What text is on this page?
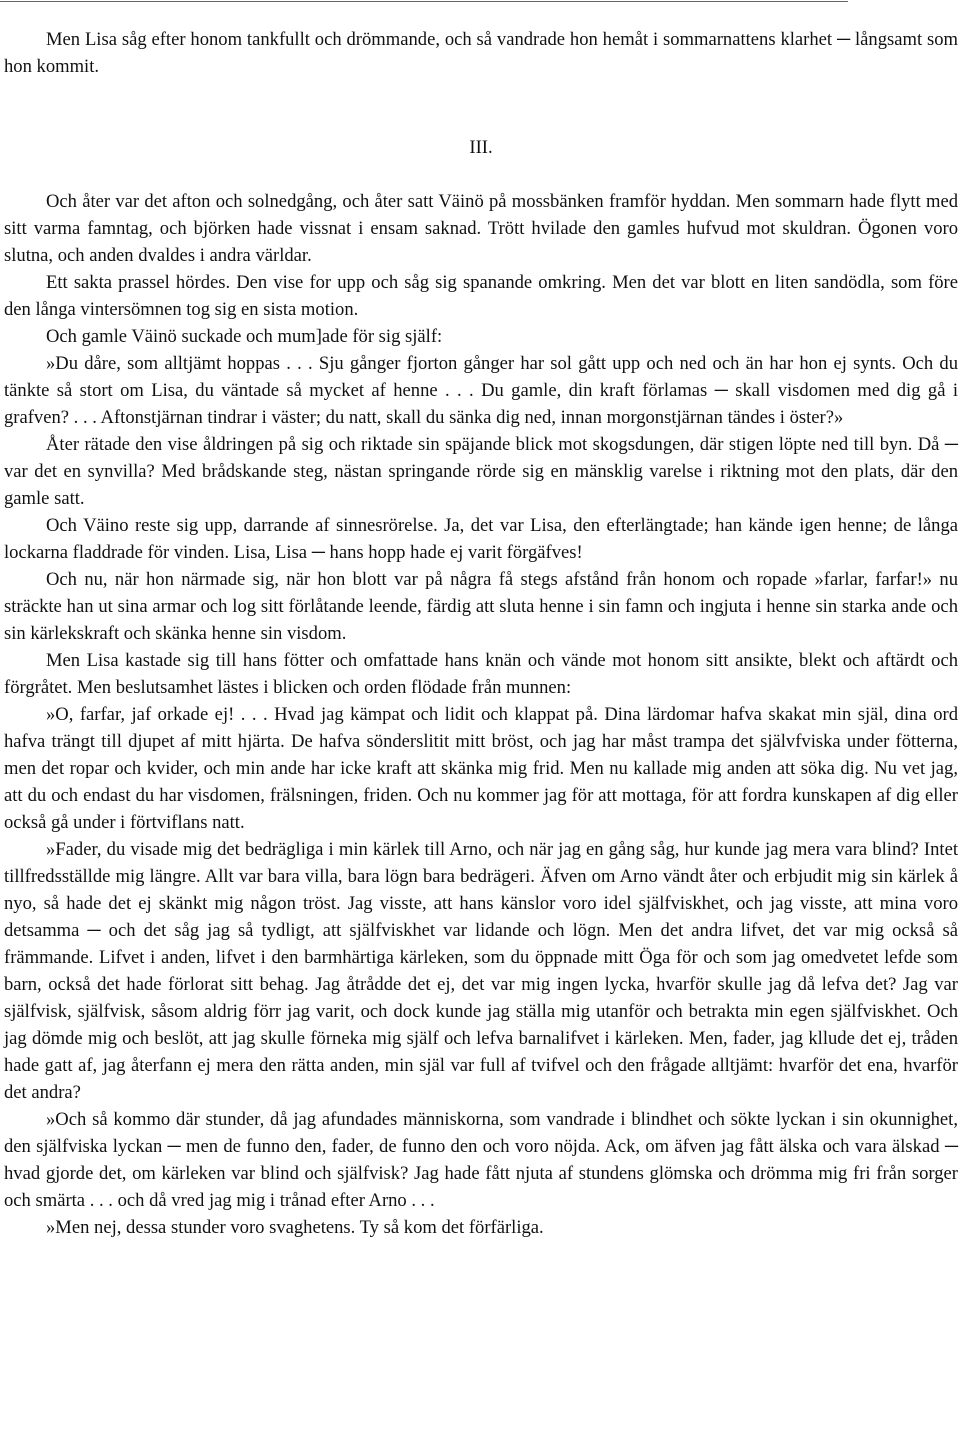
Men Lisa såg efter honom tankfullt och drömmande, och så vandrade hon hemåt i sommarnattens klarhet ─ långsamt som hon kommit.

III.

Och åter var det afton och solnedgång, och åter satt Väinö på mossbänken framför hyddan. Men sommarn hade flytt med sitt varma famntag, och björken hade vissnat i ensam saknad. Trött hvilade den gamles hufvud mot skuldran. Ögonen voro slutna, och anden dvaldes i andra världar.

Ett sakta prassel hördes. Den vise for upp och såg sig spanande omkring. Men det var blott en liten sandödla, som före den långa vintersömnen tog sig en sista motion.

Och gamle Väinö suckade och mum]ade för sig själf:

»Du dåre, som alltjämt hoppas . . . Sju gånger fjorton gånger har sol gått upp och ned och än har hon ej synts. Och du tänkte så stort om Lisa, du väntade så mycket af henne . . . Du gamle, din kraft förlamas ─ skall visdomen med dig gå i grafven? . . . Aftonstjärnan tindrar i väster; du natt, skall du sänka dig ned, innan morgonstjärnan tändes i öster?»

Åter rätade den vise åldringen på sig och riktade sin späjande blick mot skogsdungen, där stigen löpte ned till byn. Då ─ var det en synvilla? Med brådskande steg, nästan springande rörde sig en mänsklig varelse i riktning mot den plats, där den gamle satt.

Och Väino reste sig upp, darrande af sinnesrörelse. Ja, det var Lisa, den efterlängtade; han kände igen henne; de långa lockarna fladdrade för vinden. Lisa, Lisa ─ hans hopp hade ej varit förgäfves!

Och nu, när hon närmade sig, när hon blott var på några få stegs afstånd från honom och ropade »farlar, farfar!» nu sträckte han ut sina armar och log sitt förlåtande leende, färdig att sluta henne i sin famn och ingjuta i henne sin starka ande och sin kärlekskraft och skänka henne sin visdom.

Men Lisa kastade sig till hans fötter och omfattade hans knän och vände mot honom sitt ansikte, blekt och aftärdt och förgråtet. Men beslutsamhet lästes i blicken och orden flödade från munnen:

»O, farfar, jaf orkade ej! . . . Hvad jag kämpat och lidit och klappat på. Dina lärdomar hafva skakat min själ, dina ord hafva trängt till djupet af mitt hjärta. De hafva sönderslitit mitt bröst, och jag har måst trampa det självfviska under fötterna, men det ropar och kvider, och min ande har icke kraft att skänka mig frid. Men nu kallade mig anden att söka dig. Nu vet jag, att du och endast du har visdomen, frälsningen, friden. Och nu kommer jag för att mottaga, för att fordra kunskapen af dig eller också gå under i förtviflans natt.

»Fader, du visade mig det bedrägliga i min kärlek till Arno, och när jag en gång såg, hur kunde jag mera vara blind? Intet tillfredsställde mig längre. Allt var bara villa, bara lögn bara bedrägeri. Äfven om Arno vändt åter och erbjudit mig sin kärlek å nyo, så hade det ej skänkt mig någon tröst. Jag visste, att hans känslor voro idel själfviskhet, och jag visste, att mina voro detsamma ─ och det såg jag så tydligt, att själfviskhet var lidande och lögn. Men det andra lifvet, det var mig också så främmande. Lifvet i anden, lifvet i den barmhärtiga kärleken, som du öppnade mitt Öga för och som jag omedvetet lefde som barn, också det hade förlorat sitt behag. Jag åtrådde det ej, det var mig ingen lycka, hvarför skulle jag då lefva det? Jag var själfvisk, själfvisk, såsom aldrig förr jag varit, och dock kunde jag ställa mig utanför och betrakta min egen själfviskhet. Och jag dömde mig och beslöt, att jag skulle förneka mig själf och lefva barnalifvet i kärleken. Men, fader, jag kllude det ej, tråden hade gatt af, jag återfann ej mera den rätta anden, min själ var full af tvifvel och den frågade alltjämt: hvarför det ena, hvarför det andra?

»Och så kommo där stunder, då jag afundades människorna, som vandrade i blindhet och sökte lyckan i sin okunnighet, den själfviska lyckan ─ men de funno den, fader, de funno den och voro nöjda. Ack, om äfven jag fått älska och vara älskad ─ hvad gjorde det, om kärleken var blind och själfvisk? Jag hade fått njuta af stundens glömska och drömma mig fri från sorger och smärta . . . och då vred jag mig i trånad efter Arno . . .

»Men nej, dessa stunder voro svaghetens. Ty så kom det förfärliga.
